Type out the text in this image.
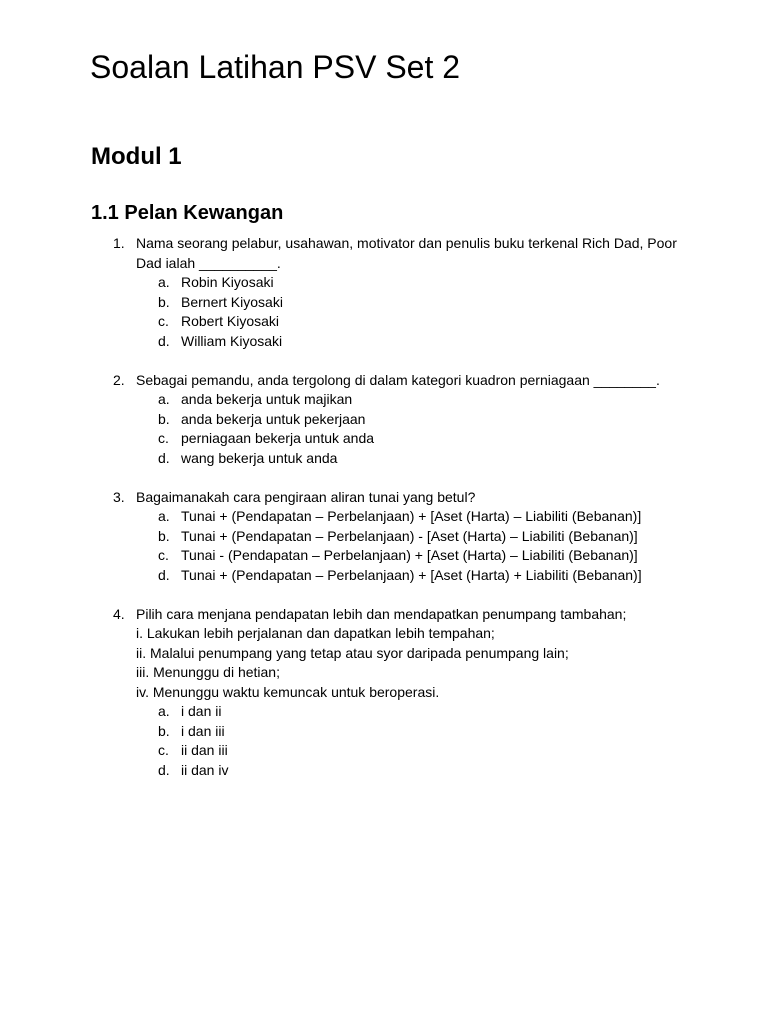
Soalan Latihan PSV Set 2
Modul 1
1.1 Pelan Kewangan
1. Nama seorang pelabur, usahawan, motivator dan penulis buku terkenal Rich Dad, Poor
Dad ialah __________.
a. Robin Kiyosaki
b. Bernert Kiyosaki
c. Robert Kiyosaki
d. William Kiyosaki
2. Sebagai pemandu, anda tergolong di dalam kategori kuadron perniagaan ________.
a. anda bekerja untuk majikan
b. anda bekerja untuk pekerjaan
c. perniagaan bekerja untuk anda
d. wang bekerja untuk anda
3. Bagaimanakah cara pengiraan aliran tunai yang betul?
a. Tunai + (Pendapatan – Perbelanjaan) + [Aset (Harta) – Liabiliti (Bebanan)]
b. Tunai + (Pendapatan – Perbelanjaan) - [Aset (Harta) – Liabiliti (Bebanan)]
c. Tunai - (Pendapatan – Perbelanjaan) + [Aset (Harta) – Liabiliti (Bebanan)]
d. Tunai + (Pendapatan – Perbelanjaan) + [Aset (Harta) + Liabiliti (Bebanan)]
4. Pilih cara menjana pendapatan lebih dan mendapatkan penumpang tambahan;
i. Lakukan lebih perjalanan dan dapatkan lebih tempahan;
ii. Malalui penumpang yang tetap atau syor daripada penumpang lain;
iii. Menunggu di hetian;
iv. Menunggu waktu kemuncak untuk beroperasi.
a. i dan ii
b. i dan iii
c. ii dan iii
d. ii dan iv
